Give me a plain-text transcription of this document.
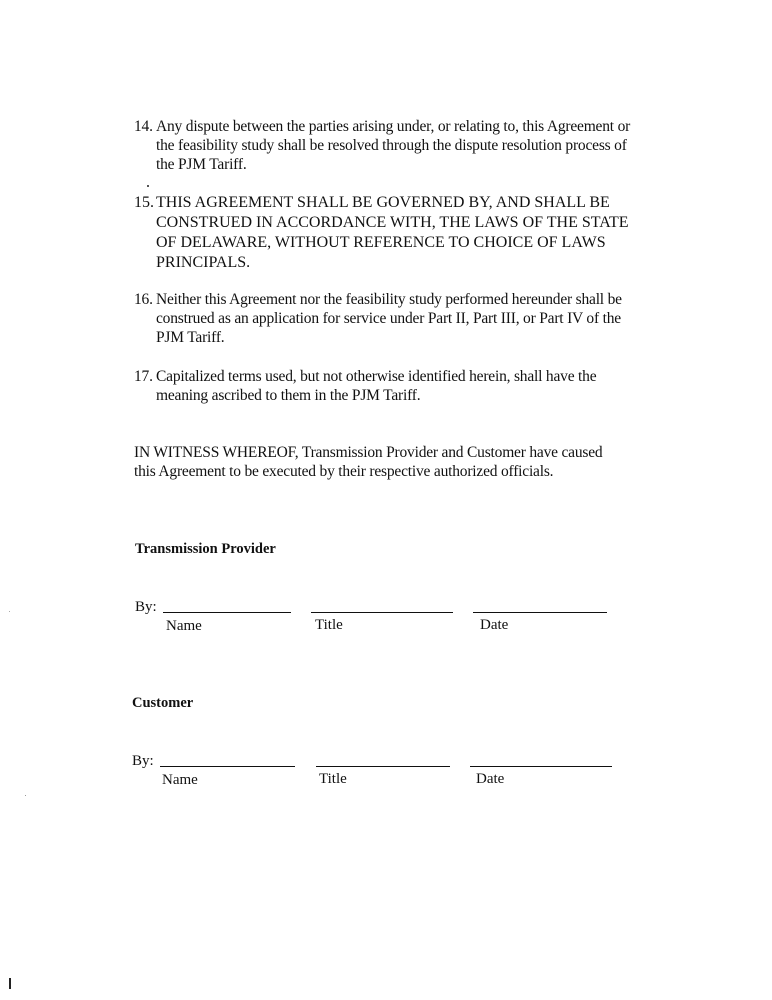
14. Any dispute between the parties arising under, or relating to, this Agreement or the feasibility study shall be resolved through the dispute resolution process of the PJM Tariff.
15. THIS AGREEMENT SHALL BE GOVERNED BY, AND SHALL BE CONSTRUED IN ACCORDANCE WITH, THE LAWS OF THE STATE OF DELAWARE, WITHOUT REFERENCE TO CHOICE OF LAWS PRINCIPALS.
16. Neither this Agreement nor the feasibility study performed hereunder shall be construed as an application for service under Part II, Part III, or Part IV of the PJM Tariff.
17. Capitalized terms used, but not otherwise identified herein, shall have the meaning ascribed to them in the PJM Tariff.
IN WITNESS WHEREOF, Transmission Provider and Customer have caused this Agreement to be executed by their respective authorized officials.
Transmission Provider
By:
Name	Title	Date
Customer
By:
Name	Title	Date
